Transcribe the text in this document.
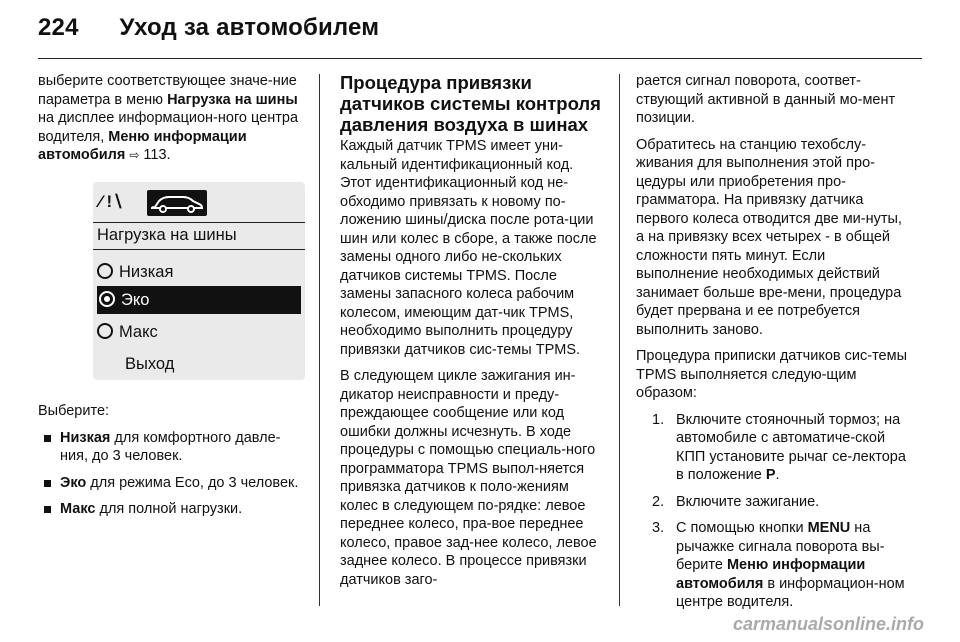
224 Уход за автомобилем

выберите соответствующее значе-ние параметра в меню Нагрузка на шины на дисплее информацион-ного центра водителя, Меню информации автомобиля ⇨ 113.

⁄ !∖
Нагрузка на шины
Низкая
Эко
Макс
Выход

Выберите:

Низкая для комфортного давле-ния, до 3 человек.
Эко для режима Eco, до 3 человек.
Макс для полной нагрузки.
Процедура привязки датчиков системы контроля давления воздуха в шинах

Каждый датчик TPMS имеет уни-кальный идентификационный код. Этот идентификационный код не-обходимо привязать к новому по-ложению шины/диска после рота-ции шин или колес в сборе, а также после замены одного либо не-скольких датчиков системы TPMS. После замены запасного колеса рабочим колесом, имеющим дат-чик TPMS, необходимо выполнить процедуру привязки датчиков сис-темы TPMS.

В следующем цикле зажигания ин-дикатор неисправности и преду-преждающее сообщение или код ошибки должны исчезнуть. В ходе процедуры с помощью специаль-ного программатора TPMS выпол-няется привязка датчиков к поло-жениям колес в следующем по-рядке: левое переднее колесо, пра-вое переднее колесо, правое зад-нее колесо, левое заднее колесо. В процессе привязки датчиков заго-

рается сигнал поворота, соответ-ствующий активной в данный мо-мент позиции.

Обратитесь на станцию техобслу-живания для выполнения этой про-цедуры или приобретения про-грамматора. На привязку датчика первого колеса отводится две ми-нуты, а на привязку всех четырех - в общей сложности пять минут. Если выполнение необходимых действий занимает больше вре-мени, процедура будет прервана и ее потребуется выполнить заново.

Процедура приписки датчиков сис-темы TPMS выполняется следую-щим образом:

1. Включите стояночный тормоз; на автомобиле с автоматиче-ской КПП установите рычаг се-лектора в положение P.
2. Включите зажигание.
3. С помощью кнопки MENU на рычажке сигнала поворота вы-берите Меню информации автомобиля в информацион-ном центре водителя.
carmanualsonline.info
